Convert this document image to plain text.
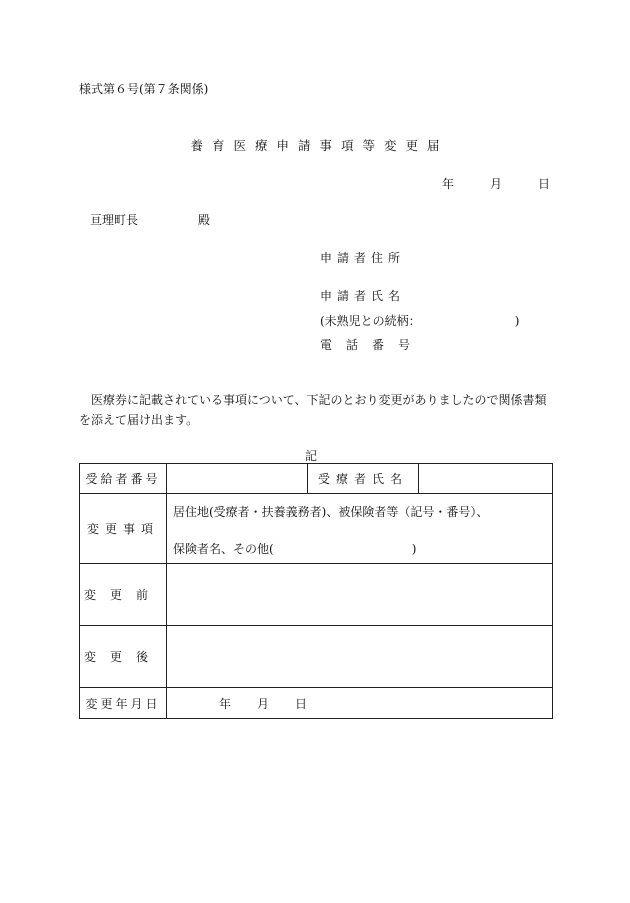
様式第６号(第７条関係)
養育医療申請事項等変更届
年	月	日
亘理町長	殿
申請者住所
申請者氏名
(未熟児との続柄：	)
電話番号
医療券に記載されている事項について、下記のとおり変更がありましたので関係書類を添えて届け出ます。
記
受給者番号		受療者氏名	
変更事項	居住地(受療者・扶養義務者)、被保険者等（記号・番号）、
保険者名、その他( )		

変更前			
変更後			
変更年月日	年 月 日		
